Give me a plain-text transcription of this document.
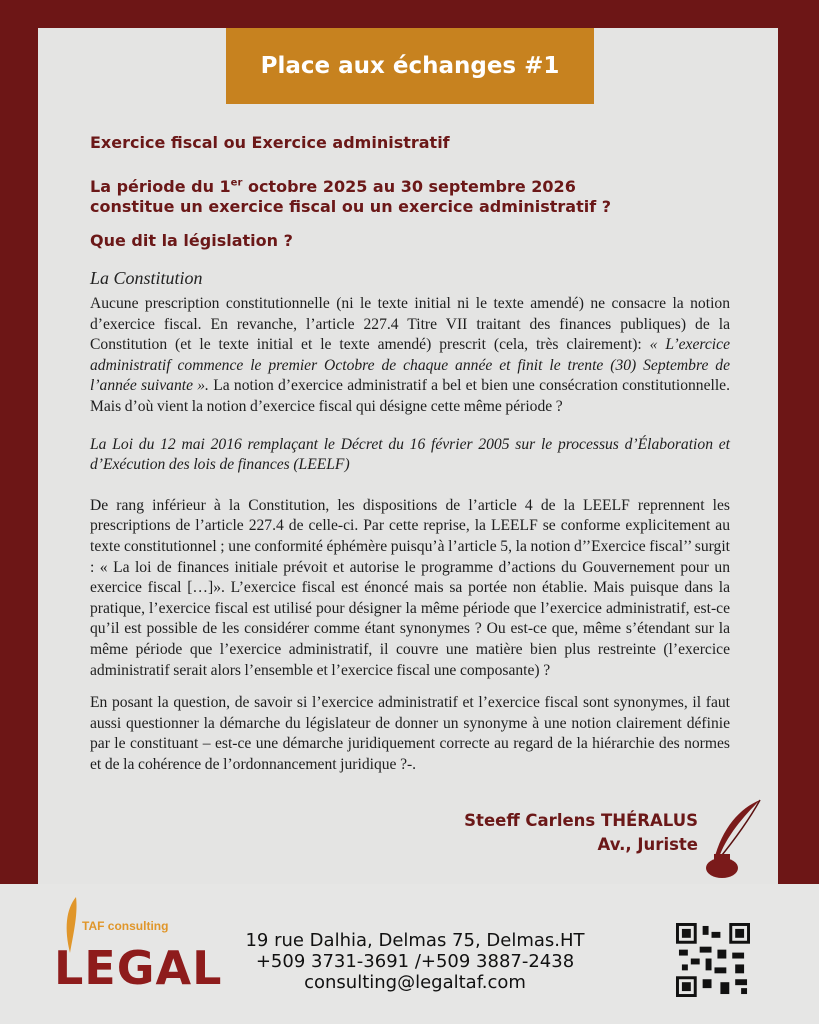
Place aux échanges #1
Exercice fiscal ou Exercice administratif
La période du 1er octobre 2025 au 30 septembre 2026
constitue un exercice fiscal ou un exercice administratif ?
Que dit la législation ?
La Constitution
Aucune prescription constitutionnelle (ni le texte initial ni le texte amendé) ne consacre la notion d’exercice fiscal. En revanche, l’article 227.4 Titre VII traitant des finances publiques) de la Constitution (et le texte initial et le texte amendé) prescrit (cela, très clairement): « L’exercice administratif commence le premier Octobre de chaque année et finit le trente (30) Septembre de l’année suivante ». La notion d’exercice administratif a bel et bien une consécration constitutionnelle. Mais d’où vient la notion d’exercice fiscal qui désigne cette même période ?
La Loi du 12 mai 2016 remplaçant le Décret du 16 février 2005 sur le processus d’Élaboration et d’Exécution des lois de finances (LEELF)
De rang inférieur à la Constitution, les dispositions de l’article 4 de la LEELF reprennent les prescriptions de l’article 227.4 de celle-ci. Par cette reprise, la LEELF se conforme explicitement au texte constitutionnel ; une conformité éphémère puisqu’à l’article 5, la notion d’’Exercice fiscal’’ surgit : « La loi de finances initiale prévoit et autorise le programme d’actions du Gouvernement pour un exercice fiscal […]». L’exercice fiscal est énoncé mais sa portée non établie. Mais puisque dans la pratique, l’exercice fiscal est utilisé pour désigner la même période que l’exercice administratif, est-ce qu’il est possible de les considérer comme étant synonymes ? Ou est-ce que, même s’étendant sur la même période que l’exercice administratif, il couvre une matière bien plus restreinte (l’exercice administratif serait alors l’ensemble et l’exercice fiscal une composante) ?
En posant la question, de savoir si l’exercice administratif et l’exercice fiscal sont synonymes, il faut aussi questionner la démarche du législateur de donner un synonyme à une notion clairement définie par le constituant – est-ce une démarche juridiquement correcte au regard de la hiérarchie des normes et de la cohérence de l’ordonnancement juridique ?-.
Steeff Carlens THÉRALUS
Av., Juriste
TAF consulting
LEGAL
19 rue Dalhia, Delmas 75, Delmas.HT
+509 3731-3691 /+509 3887-2438
consulting@legaltaf.com
